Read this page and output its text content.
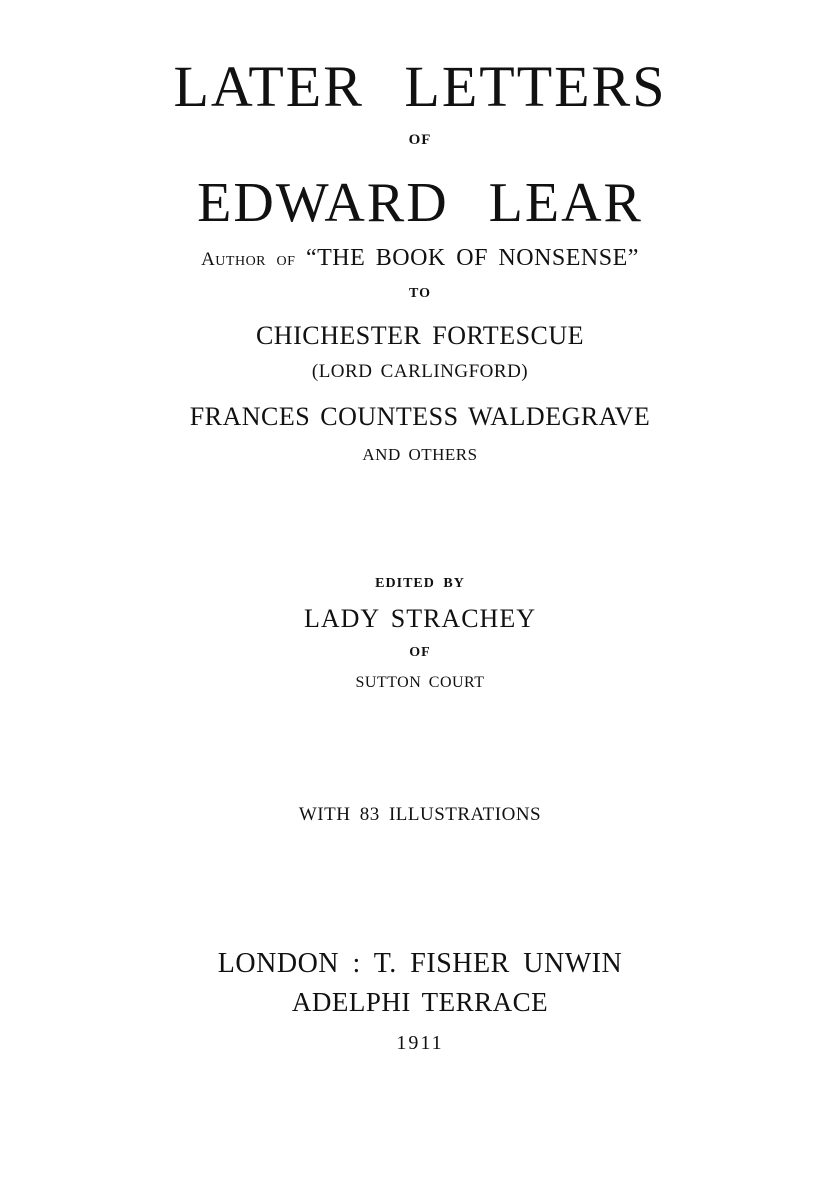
LATER LETTERS
OF
EDWARD LEAR
AUTHOR OF “THE BOOK OF NONSENSE”
TO
CHICHESTER FORTESCUE
(LORD CARLINGFORD)
FRANCES COUNTESS WALDEGRAVE
AND OTHERS
EDITED BY
LADY STRACHEY
OF
SUTTON COURT
WITH 83 ILLUSTRATIONS
LONDON : T. FISHER UNWIN
ADELPHI TERRACE
1911
